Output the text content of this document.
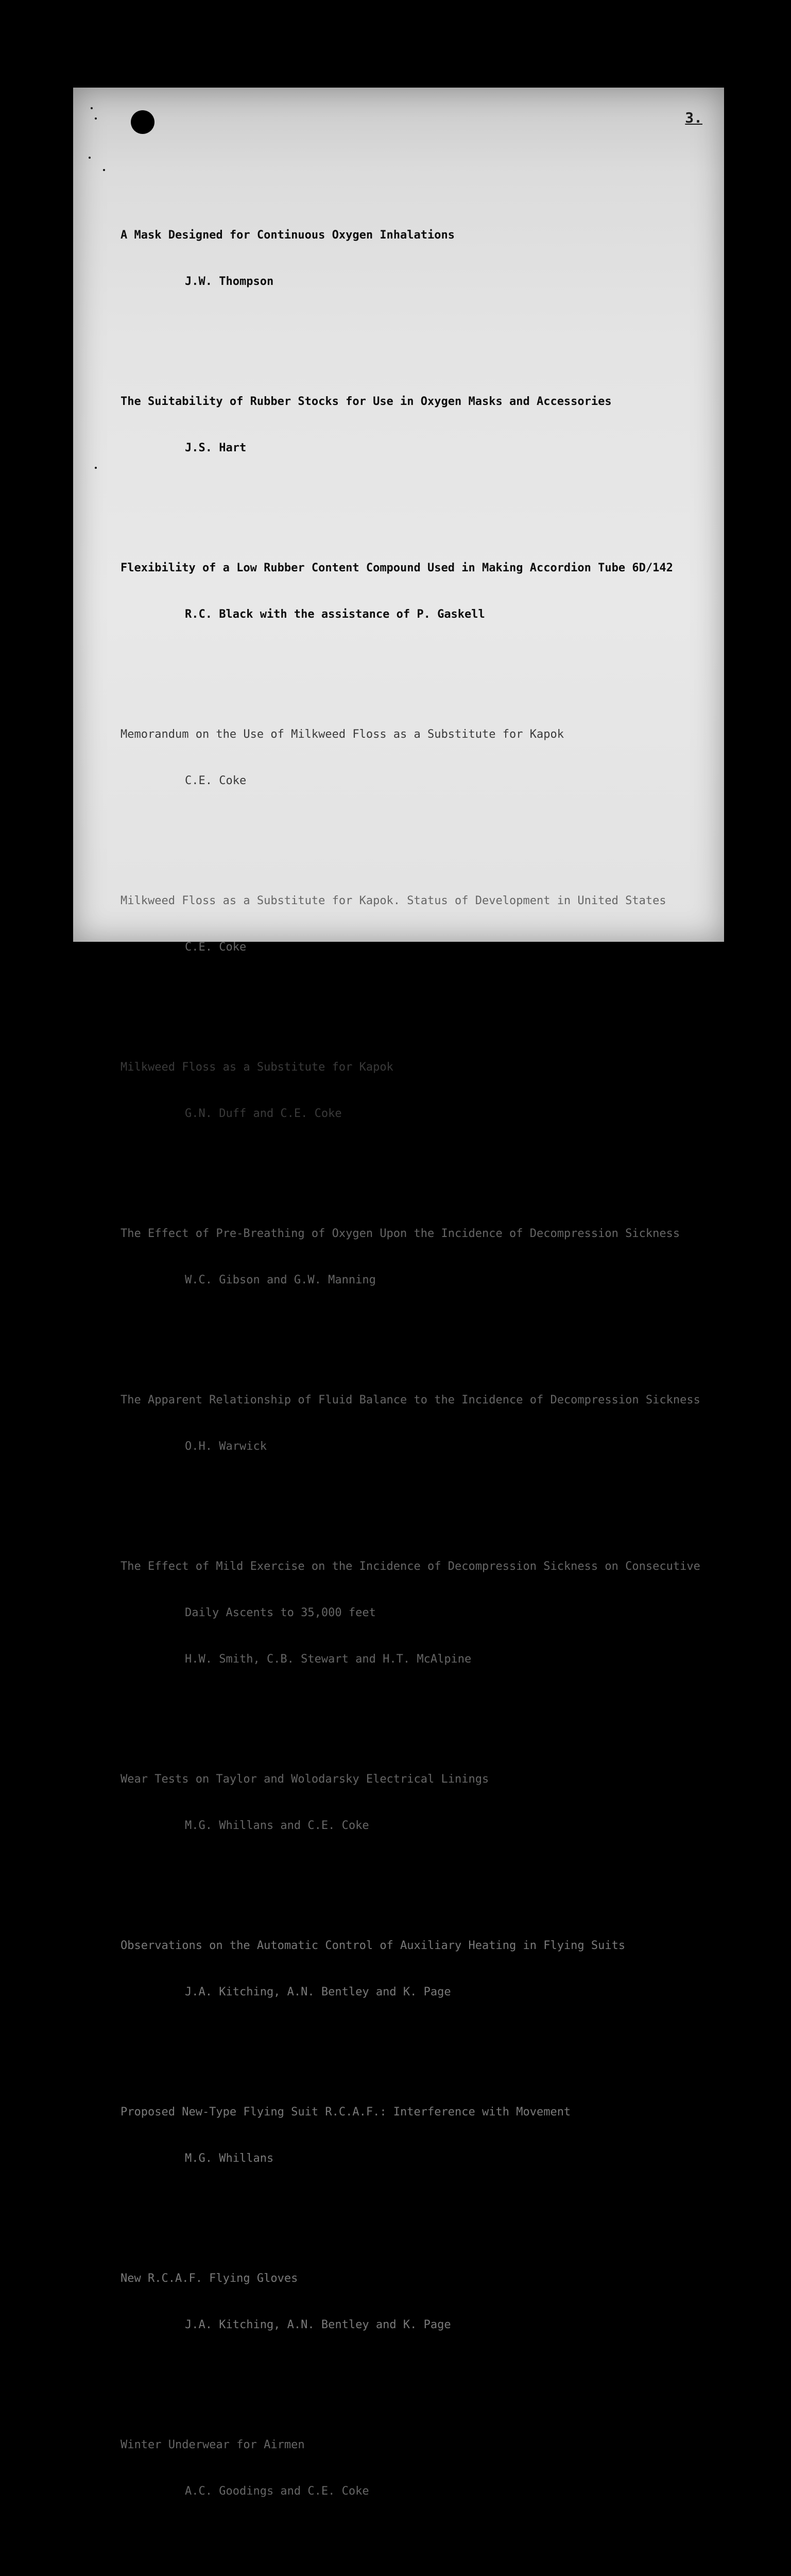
3.

A Mask Designed for Continuous Oxygen Inhalations

J.W. Thompson

The Suitability of Rubber Stocks for Use in Oxygen Masks and Accessories

J.S. Hart

Flexibility of a Low Rubber Content Compound Used in Making Accordion Tube 6D/142

R.C. Black with the assistance of P. Gaskell

Memorandum on the Use of Milkweed Floss as a Substitute for Kapok

C.E. Coke

Milkweed Floss as a Substitute for Kapok. Status of Development in United States

C.E. Coke

Milkweed Floss as a Substitute for Kapok

G.N. Duff and C.E. Coke

The Effect of Pre-Breathing of Oxygen Upon the Incidence of Decompression Sickness

W.C. Gibson and G.W. Manning

The Apparent Relationship of Fluid Balance to the Incidence of Decompression Sickness

O.H. Warwick

The Effect of Mild Exercise on the Incidence of Decompression Sickness on Consecutive

Daily Ascents to 35,000 feet

H.W. Smith, C.B. Stewart and H.T. McAlpine

Wear Tests on Taylor and Wolodarsky Electrical Linings

M.G. Whillans and C.E. Coke

Observations on the Automatic Control of Auxiliary Heating in Flying Suits

J.A. Kitching, A.N. Bentley and K. Page

Proposed New-Type Flying Suit R.C.A.F.: Interference with Movement

M.G. Whillans

New R.C.A.F. Flying Gloves

J.A. Kitching, A.N. Bentley and K. Page

Winter Underwear for Airmen

A.C. Goodings and C.E. Coke
